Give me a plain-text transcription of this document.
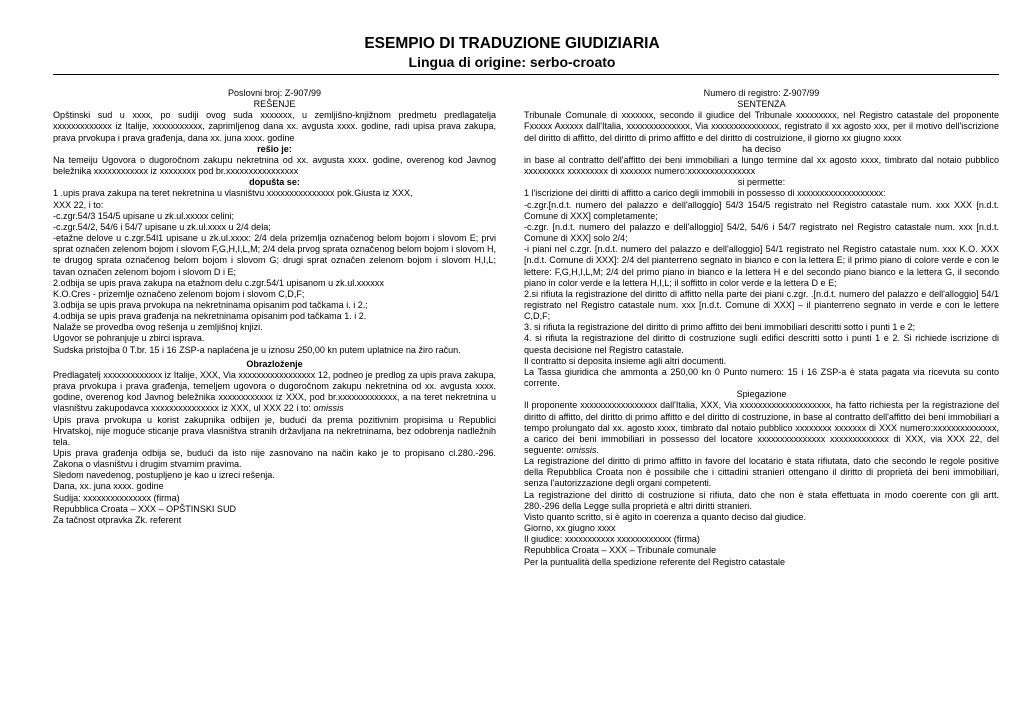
ESEMPIO DI TRADUZIONE GIUDIZIARIA

Lingua di origine: serbo-croato

Poslovni broj: Z-907/99

REŠENJE

Opštinski sud u xxxx, po sudiji ovog suda xxxxxxx, u zemljišno-knjižnom predmetu predlagatelja xxxxxxxxxxxxx iz Italije, xxxxxxxxxxx, zaprimljenog dana xx. avgusta xxxx. godine, radi upisa prava zakupa, prava prvokupa i prava građenja, dana xx. juna xxxx. godine

rešio je:

Na temeiju Ugovora o dugoročnom zakupu nekretnina od xx. avgusta xxxx. godine, overenog kod Javnog beležnika xxxxxxxxxxxx iz xxxxxxxx pod br.xxxxxxxxxxxxxxxx

dopušta se:

1 .upis prava zakupa na teret nekretnina u vlasništvu xxxxxxxxxxxxxxx pok.Giusta iz XXX,

XXX 22, i to:

-c.zgr.54/3 154/5 upisane u zk.ul.xxxxx celini;

-c.zgr.54/2, 54/6 i 54/7 upisane u zk.ul.xxxx u 2/4 dela;

-etažne delove u c.zgr.54l1 upisane u zk.ul.xxxx: 2/4 dela prizemlja označenog belom bojom i slovom E; prvi sprat označen zelenom bojom i slovom F,G,H,I,L,M; 2/4 dela prvog sprata označenog belom bojom i slovom H, te drugog sprata označenog belom bojom i slovom G; drugi sprat označen zelenom bojom i slovom H,I,L; tavan označen zelenom bojom i slovom D i E;

2.odbija se upis prava zakupa na etažnom delu c.zgr.54/1 upisanom u zk.ul.xxxxxx

K.O.Cres - prizemlje označeno zelenom bojom i slovom C,D,F;

3.odbija se upis prava prvokupa na nekretninama opisanim pod tačkama i. i 2.;

4.odbija se upis prava građenja na nekretninama opisanim pod tačkama 1. i 2.

Nalaže se provedba ovog rešenja u zemljišnoj knjizi.

Ugovor se pohranjuje u zbirci isprava.

Sudska pristojba 0 T.br. 15 i 16 ZSP-a naplaćena je u iznosu 250,00 kn putem uplatnice na žiro račun.

Obrazloženje

Predlagatelj xxxxxxxxxxxxx iz Italije, XXX, Via xxxxxxxxxxxxxxxxx 12, podneo je predlog za upis prava zakupa, prava prvokupa i prava građenja, temeljem ugovora o dugoročnom zakupu nekretnina od xx. avgusta xxxx. godine, overenog kod Javnog beležnika xxxxxxxxxxxx iz XXX, pod br.xxxxxxxxxxxxx, a na teret nekretnina u vlasništvu zakupodavca xxxxxxxxxxxxxxx iz XXX, ul XXX 22 i to: omissis

Upis prava prvokupa u korist zakupnika odbijen je, budući da prema pozitivnim propisima u Republici Hrvatskoj, nije moguće sticanje prava vlasništva stranih državljana na nekretninama, bez odobrenja nadležnih tela.

Upis prava građenja odbija se, budući da isto nije zasnovano na način kako je to propisano cl.280.-296. Zakona o vlasništvu i drugim stvarnim pravima.

Sledom navedenog, postupljeno je kao u izreci rešenja.

Dana, xx. juna xxxx. godine

Sudija: xxxxxxxxxxxxxxx (firma)

Repubblica Croata – XXX – OPŠTINSKI SUD

Za tačnost otpravka Zk. referent

Numero di registro: Z-907/99

SENTENZA

Tribunale Comunale di xxxxxxx, secondo il giudice del Tribunale xxxxxxxxx, nel Registro catastale del proponente Fxxxxx Axxxxx dall'Italia, xxxxxxxxxxxxxx, Via xxxxxxxxxxxxxxx, registrato il xx agosto xxx, per il motivo dell'iscrizione del diritto di affitto, del diritto di primo affitto e del diritto di costruizione, il giorno xx giugno xxxx

ha deciso

in base al contratto dell'affitto dei beni immobiliari a lungo termine dal xx agosto xxxx, timbrato dal notaio pubblico xxxxxxxxx xxxxxxxxx di xxxxxxx numero:xxxxxxxxxxxxxxx

si permette:

1 l'iscrizione dei diritti di affitto a carico degli immobili in possesso di xxxxxxxxxxxxxxxxxxx:

-c.zgr.[n.d.t. numero del palazzo e dell'alloggio] 54/3 154/5 registrato nel Registro catastale num. xxx XXX [n.d.t. Comune di XXX] completamente;

-c.zgr. [n.d.t. numero del palazzo e dell'alloggio] 54/2, 54/6 i 54/7 registrato nel Registro catastale num. xxx [n.d.t. Comune di XXX] solo 2/4;

-i piani nel c.zgr. [n.d.t. numero del palazzo e dell'alloggio] 54/1 registrato nel Registro catastale num. xxx K.O. XXX [n.d.t. Comune di XXX]: 2/4 del pianterreno segnato in bianco e con la lettera E; il primo piano di colore verde e con le lettere: F,G,H,I,L,M; 2/4 del primo piano in bianco e la lettera H e del secondo piano bianco e la lettera G, il secondo piano in color verde e la lettera H,I,L; il soffitto in color verde e la lettera D e E;

2.si rifiuta la registrazione del diritto di affitto nella parte dei piani c.zgr. .[n.d.t. numero del palazzo e dell'alloggio] 54/1 registrato nel Registro catastale num. xxx [n.d.t. Comune di XXX] – il pianterreno segnato in verde e con le lettere C,D,F;

3. si rifiuta la registrazione del diritto di primo affitto dei beni immobiliari descritti sotto i punti 1 e 2;

4. si rifiuta la registrazione del diritto di costruzione sugli edifici descritti sotto i punti 1 e 2. Si richiede iscrizione di questa decisione nel Registro catastale.

Il contratto si deposita insieme agli altri documenti.

La Tassa giuridica che ammonta a 250,00 kn 0 Punto numero: 15 i 16 ZSP-a è stata pagata via ricevuta su conto corrente.

Spiegazione

Il proponente xxxxxxxxxxxxxxxxx dall'Italia, XXX, Via xxxxxxxxxxxxxxxxxxxx, ha fatto richiesta per la registrazione del diritto di affitto, del diritto di primo affitto e del diritto di costruzione, in base al contratto dell'affitto dei beni immobiliari a tempo prolungato dal xx. agosto xxxx, timbrato dal notaio pubblico xxxxxxxx xxxxxxx di XXX numero:xxxxxxxxxxxxxx, a carico dei beni immobiliari in possesso del locatore xxxxxxxxxxxxxxx xxxxxxxxxxxxx di XXX, via XXX 22, del seguente: omissis.

La registrazione del diritto di primo affitto in favore del locatario è stata rifiutata, dato che secondo le regole positive della Repubblica Croata non è possibile che i cittadini stranieri ottengano il diritto di proprietà dei beni immobiliari, senza l'autorizzazione degli organi competenti.

La registrazione del diritto di costruzione si rifiuta, dato che non è stata effettuata in modo coerente con gli artt. 280.-296 della Legge sulla proprietà e altri diritti stranieri.

Visto quanto scritto, si è agito in coerenza a quanto deciso dal giudice.

Giorno, xx giugno xxxx

Il giudice: xxxxxxxxxxx xxxxxxxxxxxx (firma)

Repubblica Croata – XXX – Tribunale comunale

Per la puntualità della spedizione referente del Registro catastale
